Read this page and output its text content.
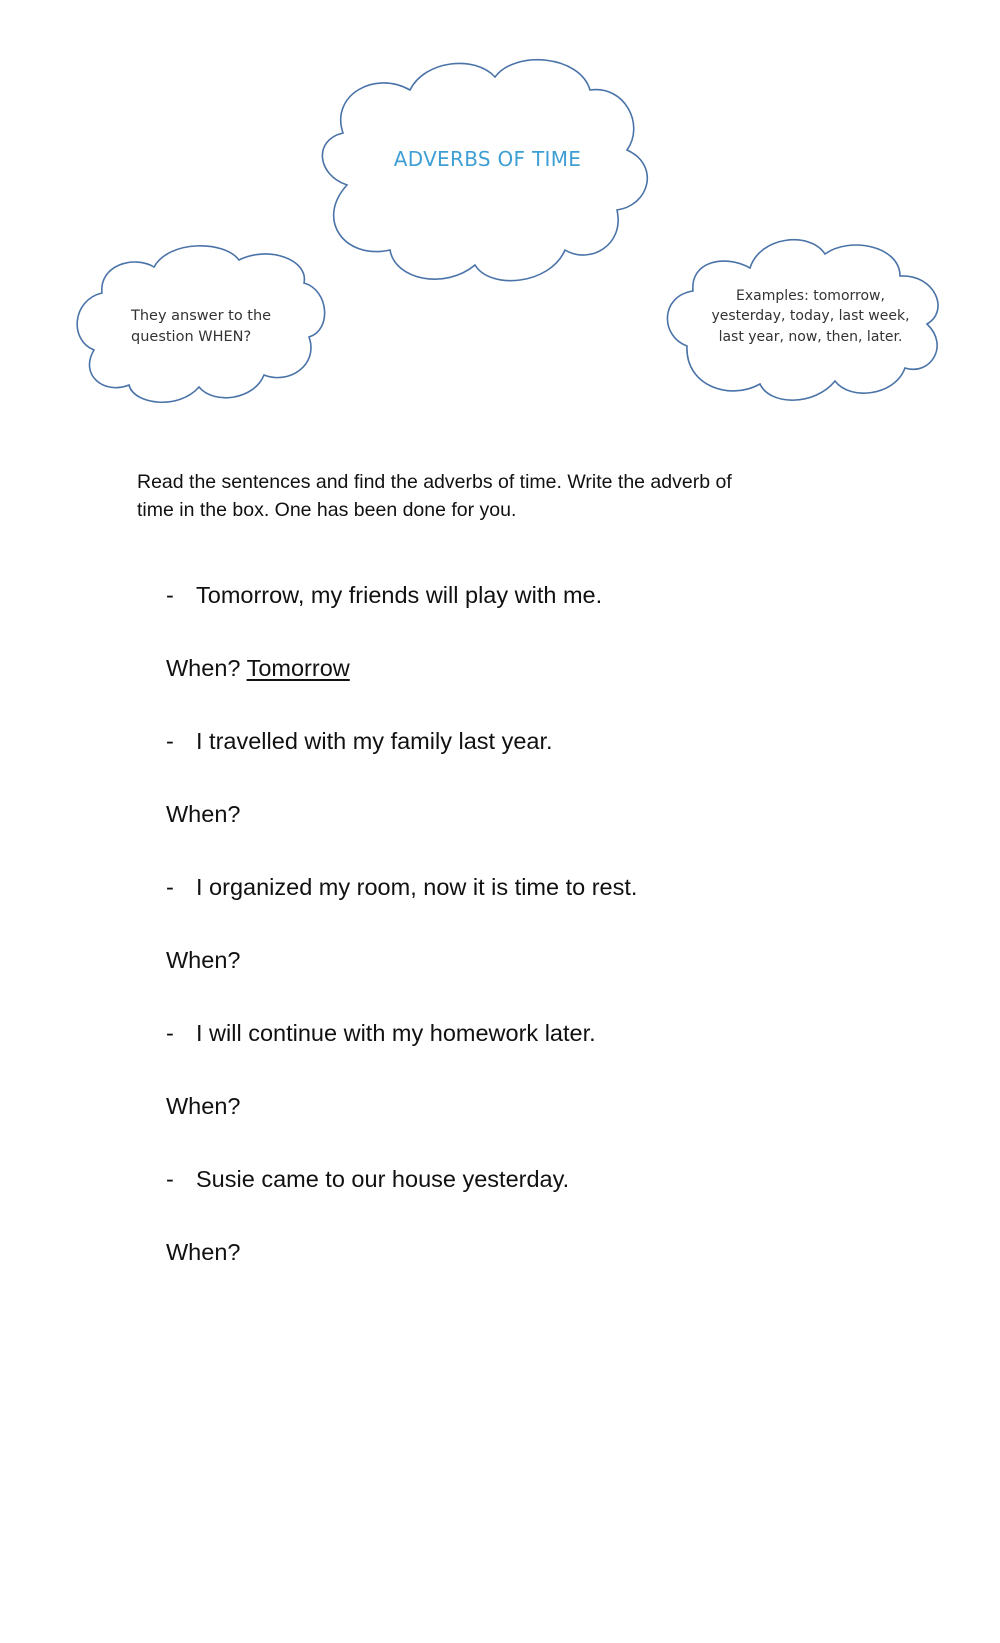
ADVERBS OF TIME
They answer to the
question WHEN?
Examples: tomorrow,
yesterday, today, last week,
last year, now, then, later.
Read the sentences and find the adverbs of time. Write the adverb of
time in the box. One has been done for you.
- Tomorrow, my friends will play with me.
When? Tomorrow
- I travelled with my family last year.
When?
- I organized my room, now it is time to rest.
When?
- I will continue with my homework later.
When?
- Susie came to our house yesterday.
When?
